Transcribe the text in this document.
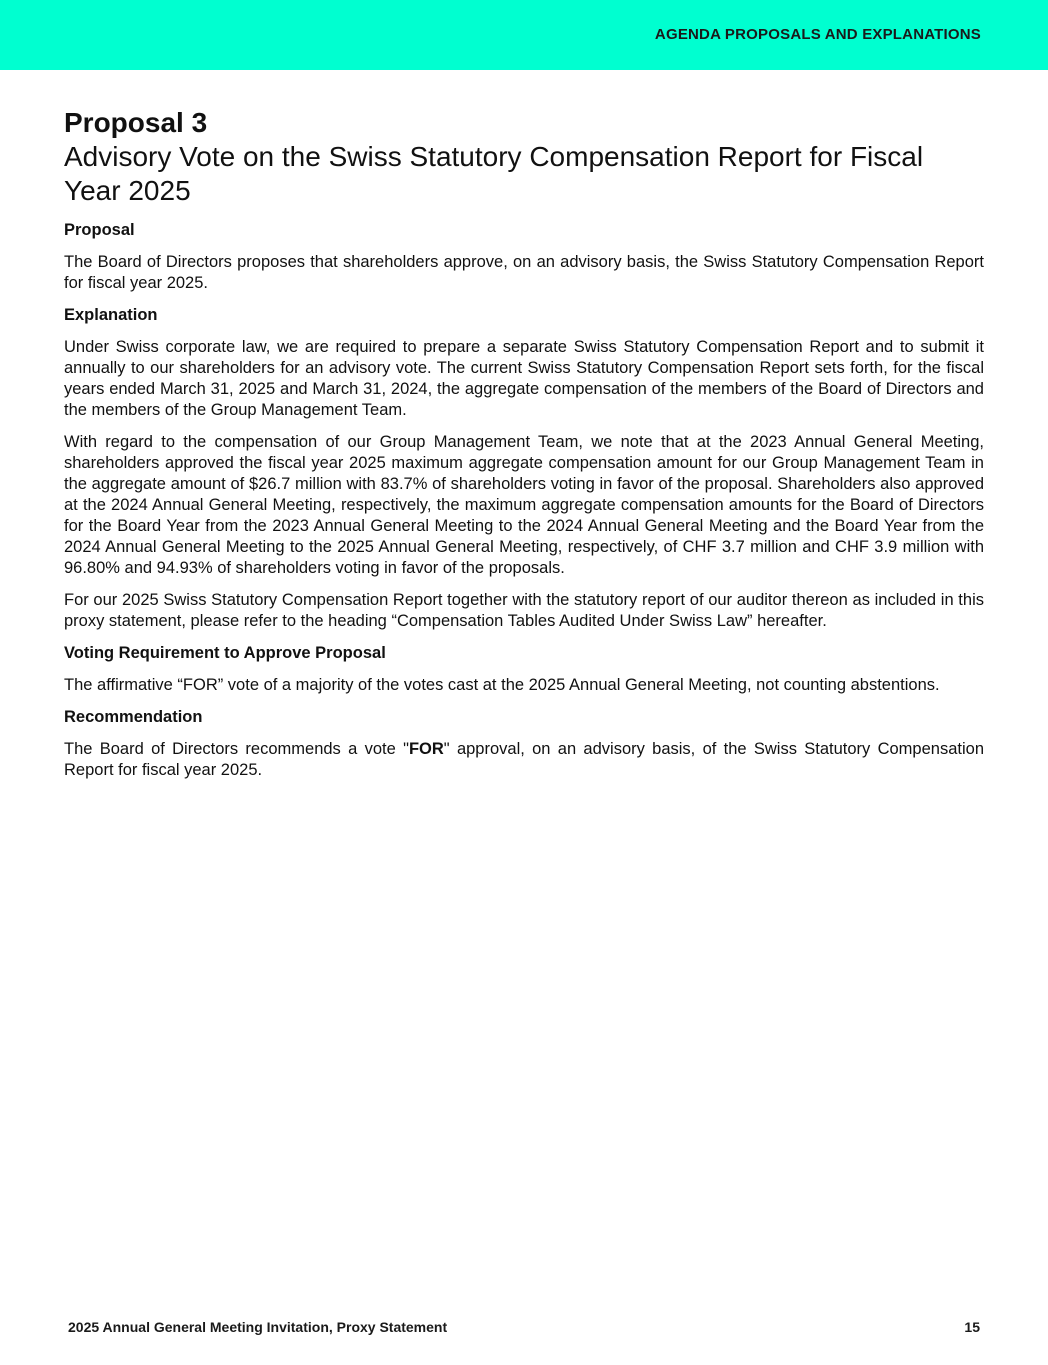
AGENDA PROPOSALS AND EXPLANATIONS
Proposal 3
Advisory Vote on the Swiss Statutory Compensation Report for Fiscal Year 2025
Proposal

The Board of Directors proposes that shareholders approve, on an advisory basis, the Swiss Statutory Compensation Report for fiscal year 2025.

Explanation

Under Swiss corporate law, we are required to prepare a separate Swiss Statutory Compensation Report and to submit it annually to our shareholders for an advisory vote. The current Swiss Statutory Compensation Report sets forth, for the fiscal years ended March 31, 2025 and March 31, 2024, the aggregate compensation of the members of the Board of Directors and the members of the Group Management Team.

With regard to the compensation of our Group Management Team, we note that at the 2023 Annual General Meeting, shareholders approved the fiscal year 2025 maximum aggregate compensation amount for our Group Management Team in the aggregate amount of $26.7 million with 83.7% of shareholders voting in favor of the proposal. Shareholders also approved at the 2024 Annual General Meeting, respectively, the maximum aggregate compensation amounts for the Board of Directors for the Board Year from the 2023 Annual General Meeting to the 2024 Annual General Meeting and the Board Year from the 2024 Annual General Meeting to the 2025 Annual General Meeting, respectively, of CHF 3.7 million and CHF 3.9 million with 96.80% and 94.93% of shareholders voting in favor of the proposals.

For our 2025 Swiss Statutory Compensation Report together with the statutory report of our auditor thereon as included in this proxy statement, please refer to the heading “Compensation Tables Audited Under Swiss Law” hereafter.

Voting Requirement to Approve Proposal

The affirmative “FOR” vote of a majority of the votes cast at the 2025 Annual General Meeting, not counting abstentions.

Recommendation

The Board of Directors recommends a vote "FOR" approval, on an advisory basis, of the Swiss Statutory Compensation Report for fiscal year 2025.

2025 Annual General Meeting Invitation, Proxy Statement	15
